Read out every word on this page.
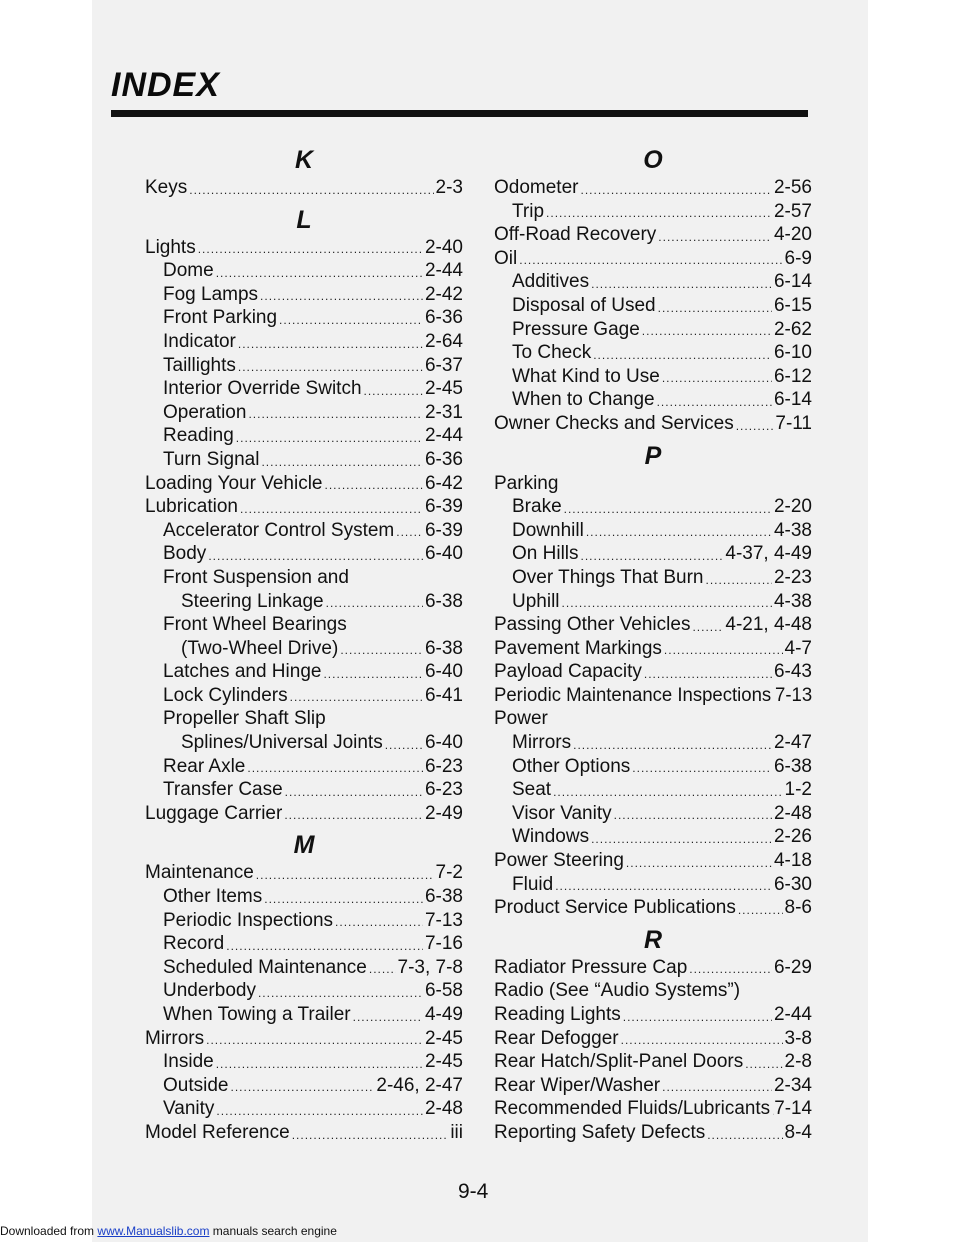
INDEX
K
Keys .....	2-3
L
Lights .....	2-40
Dome .....	2-44
Fog Lamps .....	2-42
Front Parking .....	6-36
Indicator .....	2-64
Taillights .....	6-37
Interior Override Switch .....	2-45
Operation .....	2-31
Reading .....	2-44
Turn Signal .....	6-36
Loading Your Vehicle .....	6-42
Lubrication .....	6-39
Accelerator Control System ..... 6-39
Body .....	6-40
Front Suspension and
Steering Linkage .....	6-38
Front Wheel Bearings
(Two-Wheel Drive) .....	6-38
Latches and Hinge .....	6-40
Lock Cylinders .....	6-41
Propeller Shaft Slip
Splines/Universal Joints ..... 6-40
Rear Axle .....	6-23
Transfer Case .....	6-23
Luggage Carrier .....	2-49
M
Maintenance .....	7-2
Other Items .....	6-38
Periodic Inspections .....	7-13
Record .....	7-16
Scheduled Maintenance ..... 7-3, 7-8
Underbody .....	6-58
When Towing a Trailer .....	4-49
Mirrors .....	2-45
Inside .....	2-45
Outside .....	2-46, 2-47
Vanity .....	2-48
Model Reference .....	iii
O
Odometer .....	2-56
Trip .....	2-57
Off-Road Recovery .....	4-20
Oil .....	6-9
Additives .....	6-14
Disposal of Used .....	6-15
Pressure Gage .....	2-62
To Check .....	6-10
What Kind to Use .....	6-12
When to Change .....	6-14
Owner Checks and Services ..... 7-11
P
Parking
Brake .....	2-20
Downhill .....	4-38
On Hills .....	4-37, 4-49
Over Things That Burn .....	2-23
Uphill .....	4-38
Passing Other Vehicles ..... 4-21, 4-48
Pavement Markings .....	4-7
Payload Capacity .....	6-43
Periodic Maintenance Inspections 7-13
Power
Mirrors .....	2-47
Other Options .....	6-38
Seat .....	1-2
Visor Vanity .....	2-48
Windows .....	2-26
Power Steering .....	4-18
Fluid .....	6-30
Product Service Publications .....	8-6
R
Radiator Pressure Cap .....	6-29
Radio (See “Audio Systems”)
Reading Lights .....	2-44
Rear Defogger .....	3-8
Rear Hatch/Split-Panel Doors ..... 2-8
Rear Wiper/Washer .....	2-34
Recommended Fluids/Lubricants ..... 7-14
Reporting Safety Defects .....	8-4
9-4
Downloaded from www.Manualslib.com manuals search engine
